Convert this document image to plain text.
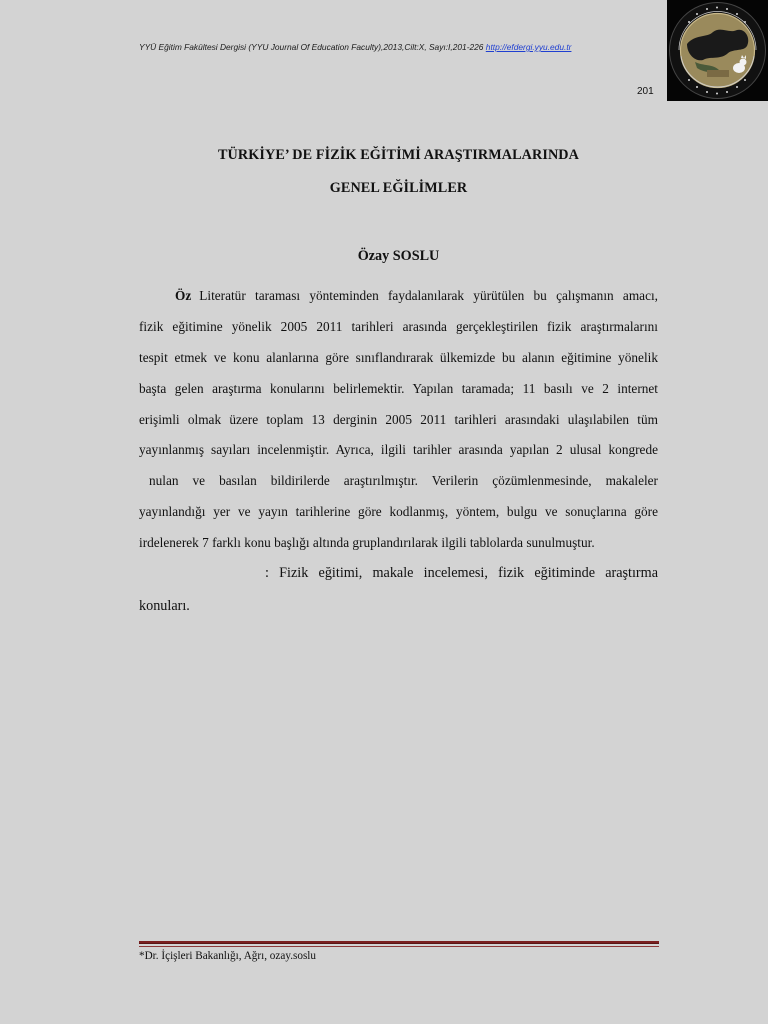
YYÜ Eğitim Fakültesi Dergisi (YYU Journal Of Education Faculty),2013,Cilt:X, Sayı:I,201-226 http://efdergi.yyu.edu.tr
201
TÜRKİYE’ DE FİZİK EĞİTİMİ ARAŞTIRMALARINDA
GENEL EĞİLİMLER
Özay SOSLU
Öz Literatür taraması yönteminden faydalanılarak yürütülen bu çalışmanın amacı,
fizik eğitimine yönelik 2005 2011 tarihleri arasında gerçekleştirilen fizik araştırmalarını
tespit etmek ve konu alanlarına göre sınıflandırarak ülkemizde bu alanın eğitimine yönelik
başta gelen araştırma konularını belirlemektir. Yapılan taramada; 11 basılı ve 2 internet
erişimli olmak üzere toplam 13 derginin 2005 2011 tarihleri arasındaki ulaşılabilen tüm
yayınlanmış sayıları incelenmiştir. Ayrıca, ilgili tarihler arasında yapılan 2 ulusal kongrede
nulan ve basılan bildirilerde araştırılmıştır. Verilerin çözümlenmesinde, makaleler
yayınlandığı yer ve yayın tarihlerine göre kodlanmış, yöntem, bulgu ve sonuçlarına göre
irdelenerek 7 farklı konu başlığı altında gruplandırılarak ilgili tablolarda sunulmuştur.
: Fizik eğitimi, makale incelemesi, fizik eğitiminde araştırma
konuları.
*Dr. İçişleri Bakanlığı, Ağrı, ozay.soslu
